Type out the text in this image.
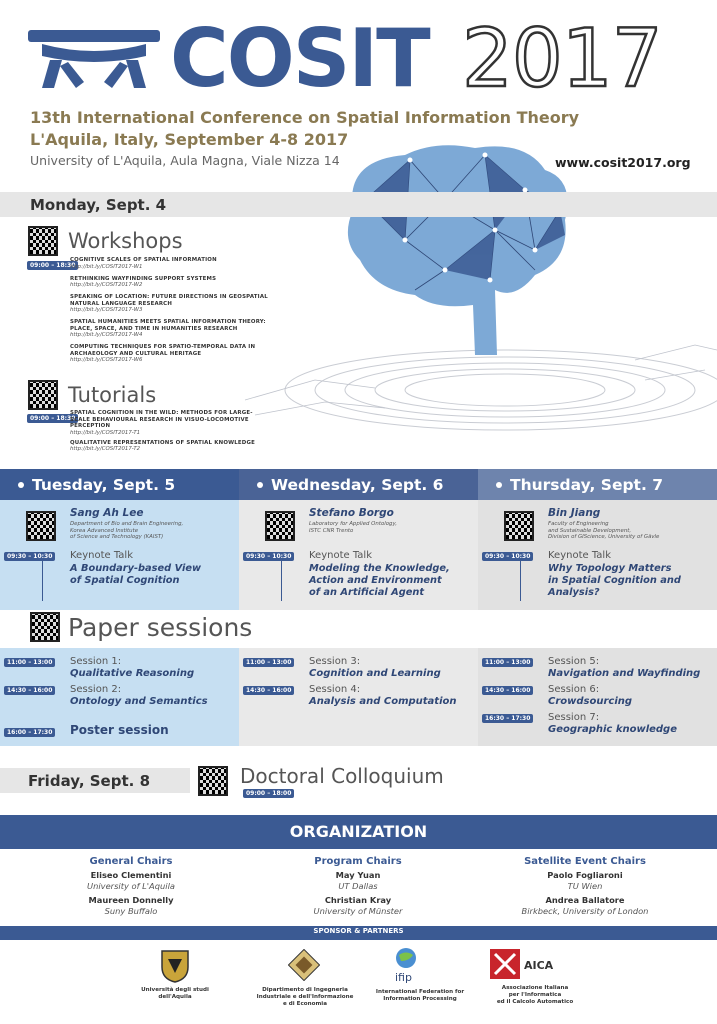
COSIT 2017
13th International Conference on Spatial Information Theory
L'Aquila, Italy, September 4-8 2017
University of L'Aquila, Aula Magna, Viale Nizza 14	www.cosit2017.org
Monday, Sept. 4
09:00 – 18:30
Workshops
COGNITIVE SCALES OF SPATIAL INFORMATION
http://bit.ly/COSIT2017-W1
RETHINKING WAYFINDING SUPPORT SYSTEMS
http://bit.ly/COSIT2017-W2
SPEAKING OF LOCATION: FUTURE DIRECTIONS IN GEOSPATIAL NATURAL LANGUAGE RESEARCH
http://bit.ly/COSIT2017-W3
SPATIAL HUMANITIES MEETS SPATIAL INFORMATION THEORY: PLACE, SPACE, AND TIME IN HUMANITIES RESEARCH
http://bit.ly/COSIT2017-W4
COMPUTING TECHNIQUES FOR SPATIO-TEMPORAL DATA IN ARCHAEOLOGY AND CULTURAL HERITAGE
http://bit.ly/COSIT2017-W6
09:00 – 18:30
Tutorials
SPATIAL COGNITION IN THE WILD: METHODS FOR LARGE-SCALE BEHAVIOURAL RESEARCH IN VISUO-LOCOMOTIVE PERCEPTION
http://bit.ly/COSIT2017-T1
QUALITATIVE REPRESENTATIONS OF SPATIAL KNOWLEDGE
http://bit.ly/COSIT2017-T2
Tuesday, Sept. 5
Sang Ah Lee
Department of Bio and Brain Engineering,
Korea Advanced Institute
of Science and Technology (KAIST)
09:30 – 10:30	Keynote Talk
A Boundary-based View
of Spatial Cognition
Wednesday, Sept. 6
Stefano Borgo
Laboratory for Applied Ontology,
ISTC CNR Trento
09:30 – 10:30	Keynote Talk
Modeling the Knowledge,
Action and Environment
of an Artificial Agent
Thursday, Sept. 7
Bin Jiang
Faculty of Engineering
and Sustainable Development,
Division of GIScience, University of Gävle
09:30 – 10:30	Keynote Talk
Why Topology Matters
in Spatial Cognition and
Analysis?
Paper sessions
11:00 – 13:00	Session 1:
Qualitative Reasoning
14:30 – 16:00	Session 2:
Ontology and Semantics
16:00 – 17:30 Poster session
11:00 – 13:00	Session 3:
Cognition and Learning
14:30 – 16:00	Session 4:
Analysis and Computation
11:00 – 13:00	Session 5:
Navigation and Wayfinding
14:30 – 16:00	Session 6:
Crowdsourcing
16:30 – 17:30	Session 7:
Geographic knowledge
Friday, Sept. 8	Doctoral Colloquium
09:00 – 18:00
ORGANIZATION
General Chairs
Eliseo Clementini
University of L'Aquila
Maureen Donnelly
Suny Buffalo
Program Chairs
May Yuan
UT Dallas
Christian Kray
University of Münster
Satellite Event Chairs
Paolo Fogliaroni
TU Wien
Andrea Ballatore
Birkbeck, University of London
SPONSOR & PARTNERS
Università degli studi
dell'Aquila
Dipartimento di Ingegneria
Industriale e dell'Informazione
e di Economia
ifip
International Federation for
Information Processing
AICA
Associazione Italiana
per l'Informatica
ed il Calcolo Automatico
